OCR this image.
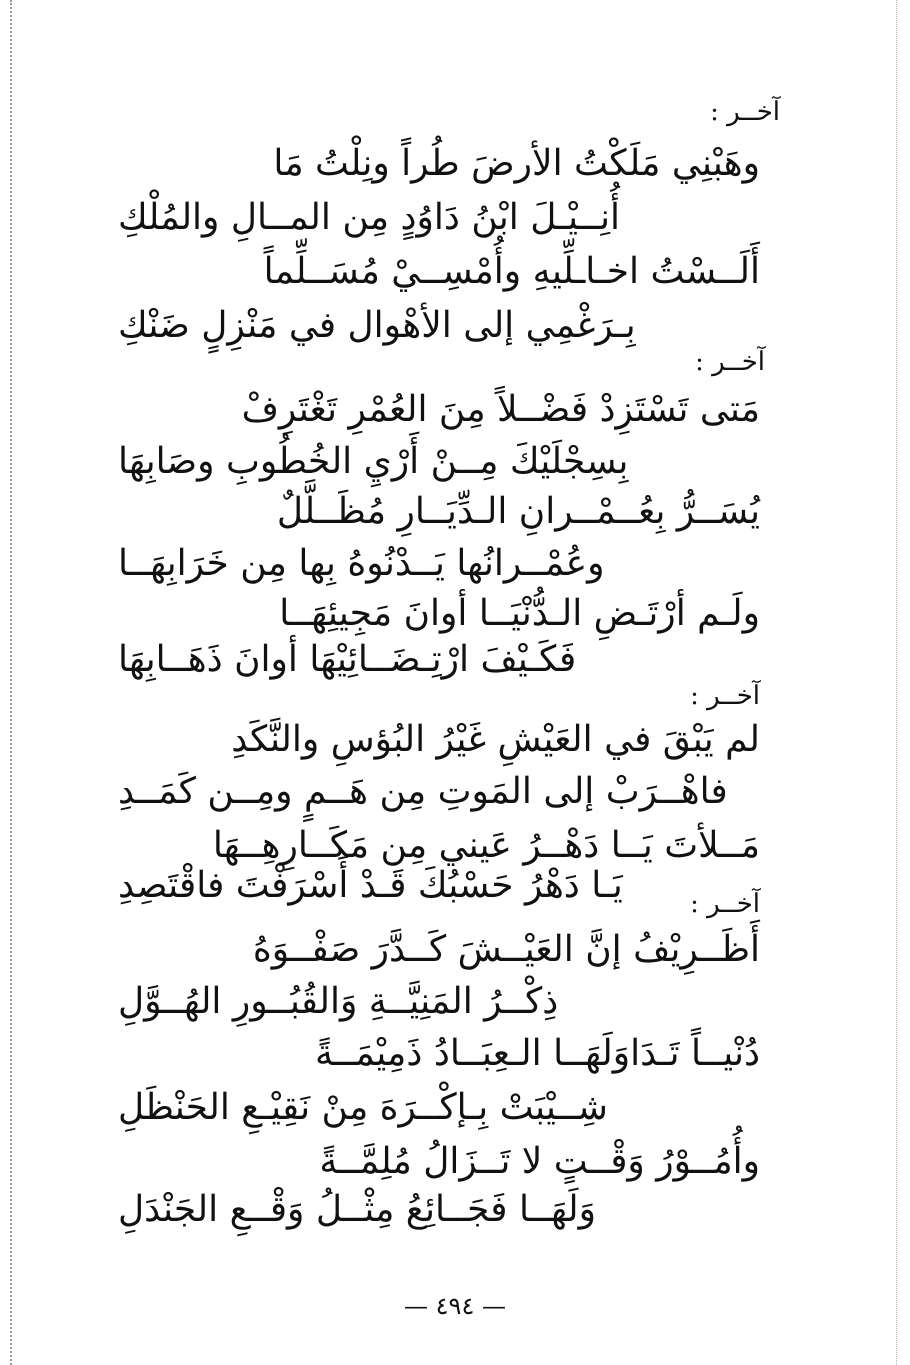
آخــر :
وهَبْنِي مَلَكْتُ الأرضَ طُراً ونِلْتُ مَا
أُنِــيْـلَ ابْنُ دَاوُدٍ مِن المــالِ والمُلْكِ
أَلَــسْتُ اخـاـلِّيهِ وأُمْسِــيْ مُسَــلِّماً
بِـرَغْمِي إلى الأهْوال في مَنْزِلٍ ضَنْكِ
آخــر :
مَتى تَسْتَزِدْ فَضْــلاً مِنَ العُمْرِ تَغْتَرِفْ
بِسِجْلَيْكَ مِــنْ أَرْيِ الخُطُوبِ وصَابِهَا
يُسَــرُّ بِعُــمْــرانِ الـدِّيَــارِ مُظَــلَّلٌ
وعُمْــرانُها يَــدْنُوهُ بِها مِن خَرَابِهَــا
ولَـم أرْتَـضِ الـدُّنْيَــا أوانَ مَجِيئِهَــا
فَكَـيْفَ ارْتِـضَــائِيْهَا أوانَ ذَهَــابِهَا
آخــر :
لم يَبْقَ في العَيْشِ غَيْرُ البُؤسِ والنَّكَدِ
فاهْــرَبْ إلى المَوتِ مِن هَــمٍ ومِــن كَمَــدِ
مَــلأتَ يَــا دَهْــرُ عَيني مِن مَكَــارِهِــهَا
يَـا دَهْرُ حَسْبُكَ قَـدْ أَسْرَفْتَ فاقْتَصِدِ	آخــر :
أَظَــرِيْفُ إنَّ العَيْــشَ كَــدَّرَ صَفْــوَهُ
ذِكْــرُ المَنِيَّــةِ وَالقُبُــورِ الهُــوَّلِ
دُنْيــاً تَـدَاوَلَهَــا الـعِبَــادُ ذَمِيْمَــةً
شِــيْبَتْ بِـإكْــرَهَ مِنْ نَقِيْـعِ الحَنْظَلِ
وأُمُــوْرُ وَقْــتٍ لا تَــزَالُ مُلِمَّــةً
وَلَهَــا فَجَــائِعُ مِثْــلُ وَقْــعِ الجَنْدَلِ
— ٤٩٤ —
